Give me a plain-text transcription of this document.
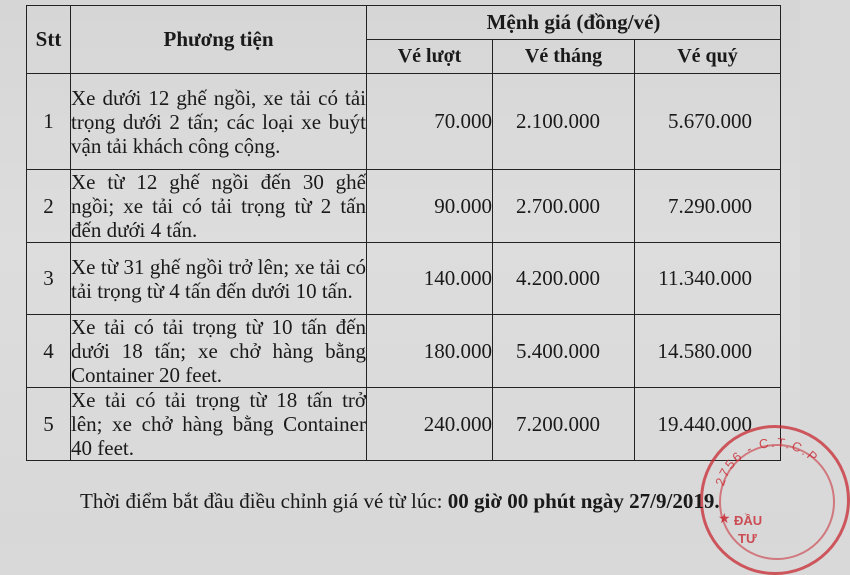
Stt	Phương tiện	Mệnh giá (đồng/vé)		
		Vé lượt	Vé tháng	Vé quý
1	Xe dưới 12 ghế ngồi, xe tải có tải trọng dưới 2 tấn; các loại xe buýt vận tải khách công cộng.	70.000	2.100.000	5.670.000
2	Xe từ 12 ghế ngồi đến 30 ghế ngồi; xe tải có tải trọng từ 2 tấn đến dưới 4 tấn.	90.000	2.700.000	7.290.000
3	Xe từ 31 ghế ngồi trở lên; xe tải có tải trọng từ 4 tấn đến dưới 10 tấn.	140.000	4.200.000	11.340.000
4	Xe tải có tải trọng từ 10 tấn đến dưới 18 tấn; xe chở hàng bằng Container 20 feet.	180.000	5.400.000	14.580.000
5	Xe tải có tải trọng từ 18 tấn trở lên; xe chở hàng bằng Container 40 feet.	240.000	7.200.000	19.440.000
2756 - C.T.C.P
★ ĐẦU
TƯ
Thời điểm bắt đầu điều chỉnh giá vé từ lúc: 00 giờ 00 phút ngày 27/9/2019.
